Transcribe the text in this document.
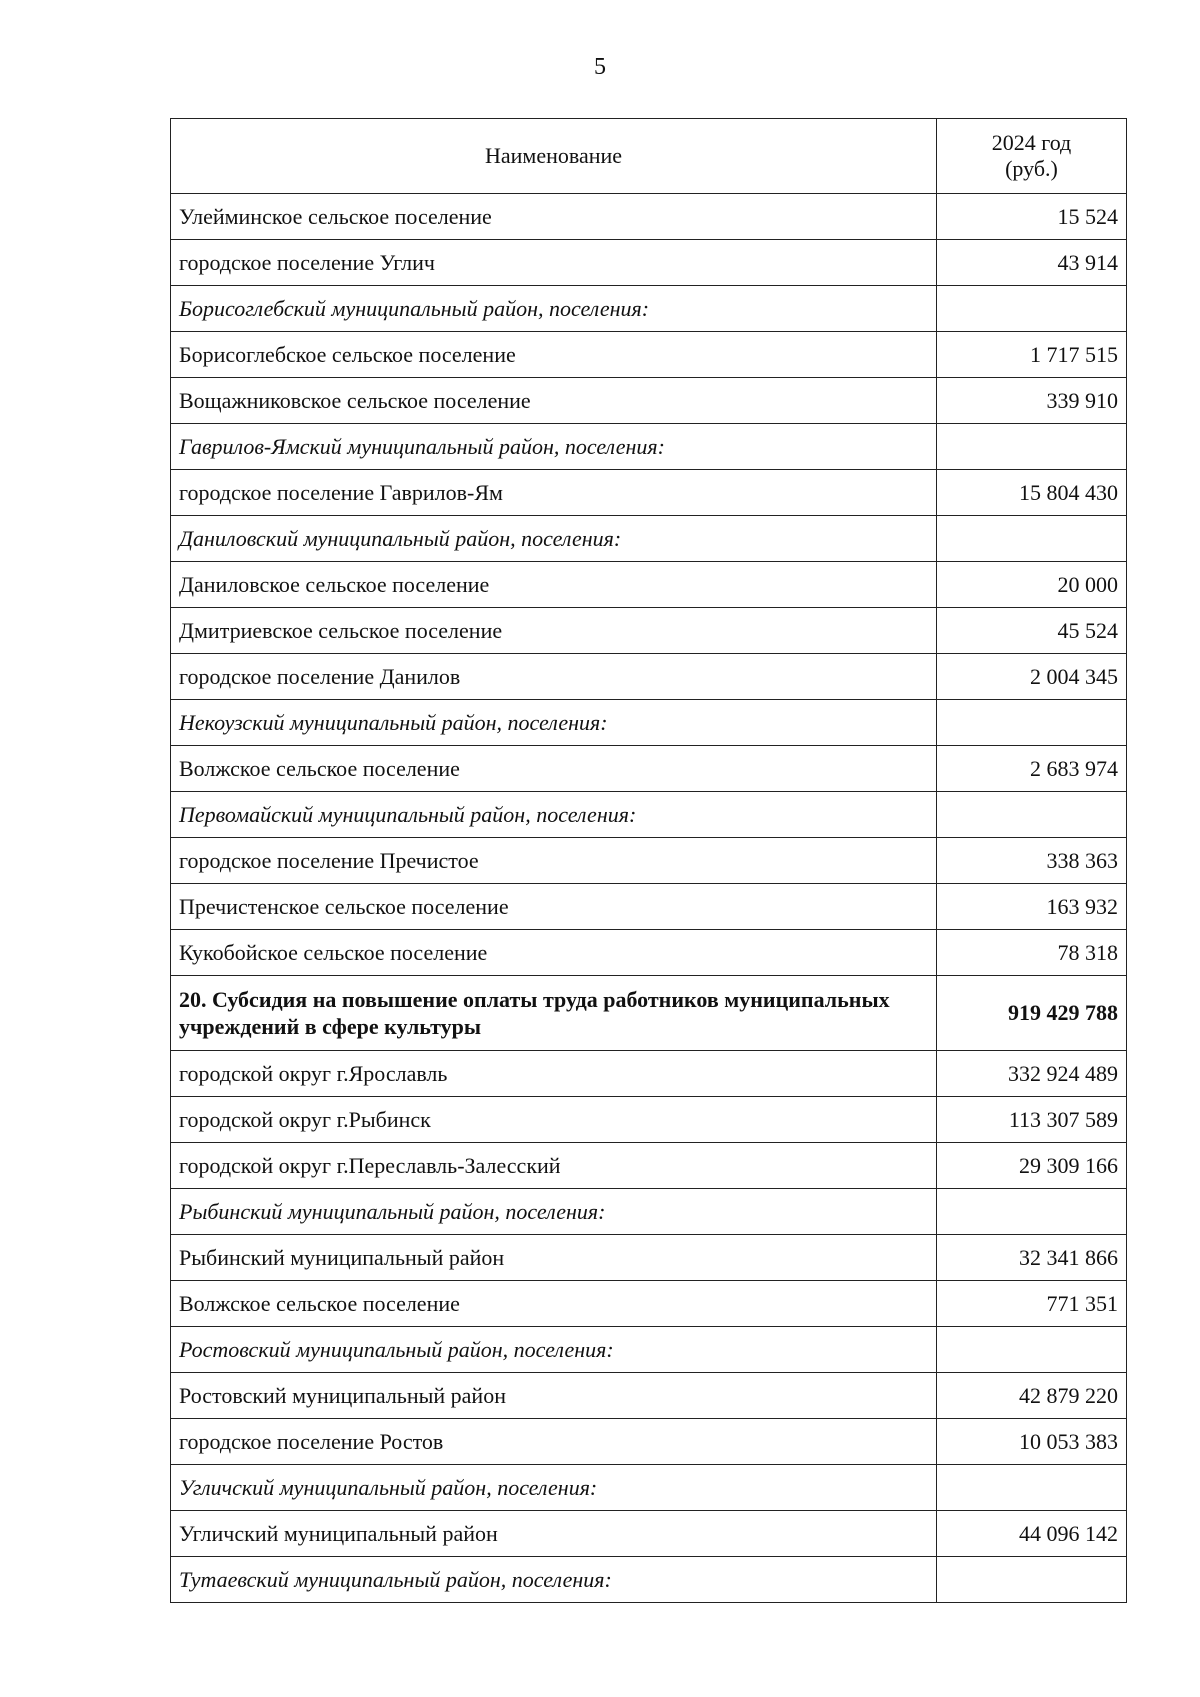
5
Наименование	2024 год
(руб.)

Улейминское сельское поселение	15 524
городское поселение Углич	43 914
Борисоглебский муниципальный район, поселения:	
Борисоглебское сельское поселение	1 717 515
Вощажниковское сельское поселение	339 910
Гаврилов-Ямский муниципальный район, поселения:	
городское поселение Гаврилов-Ям	15 804 430
Даниловский муниципальный район, поселения:	
Даниловское сельское поселение	20 000
Дмитриевское сельское поселение	45 524
городское поселение Данилов	2 004 345
Некоузский муниципальный район, поселения:	
Волжское сельское поселение	2 683 974
Первомайский муниципальный район, поселения:	
городское поселение Пречистое	338 363
Пречистенское сельское поселение	163 932
Кукобойское сельское поселение	78 318
20. Субсидия на повышение оплаты труда работников муниципальных учреждений в сфере культуры	919 429 788
городской округ г.Ярославль	332 924 489
городской округ г.Рыбинск	113 307 589
городской округ г.Переславль-Залесский	29 309 166
Рыбинский муниципальный район, поселения:	
Рыбинский муниципальный район	32 341 866
Волжское сельское поселение	771 351
Ростовский муниципальный район, поселения:	
Ростовский муниципальный район	42 879 220
городское поселение Ростов	10 053 383
Угличский муниципальный район, поселения:	
Угличский муниципальный район	44 096 142
Тутаевский муниципальный район, поселения:	
